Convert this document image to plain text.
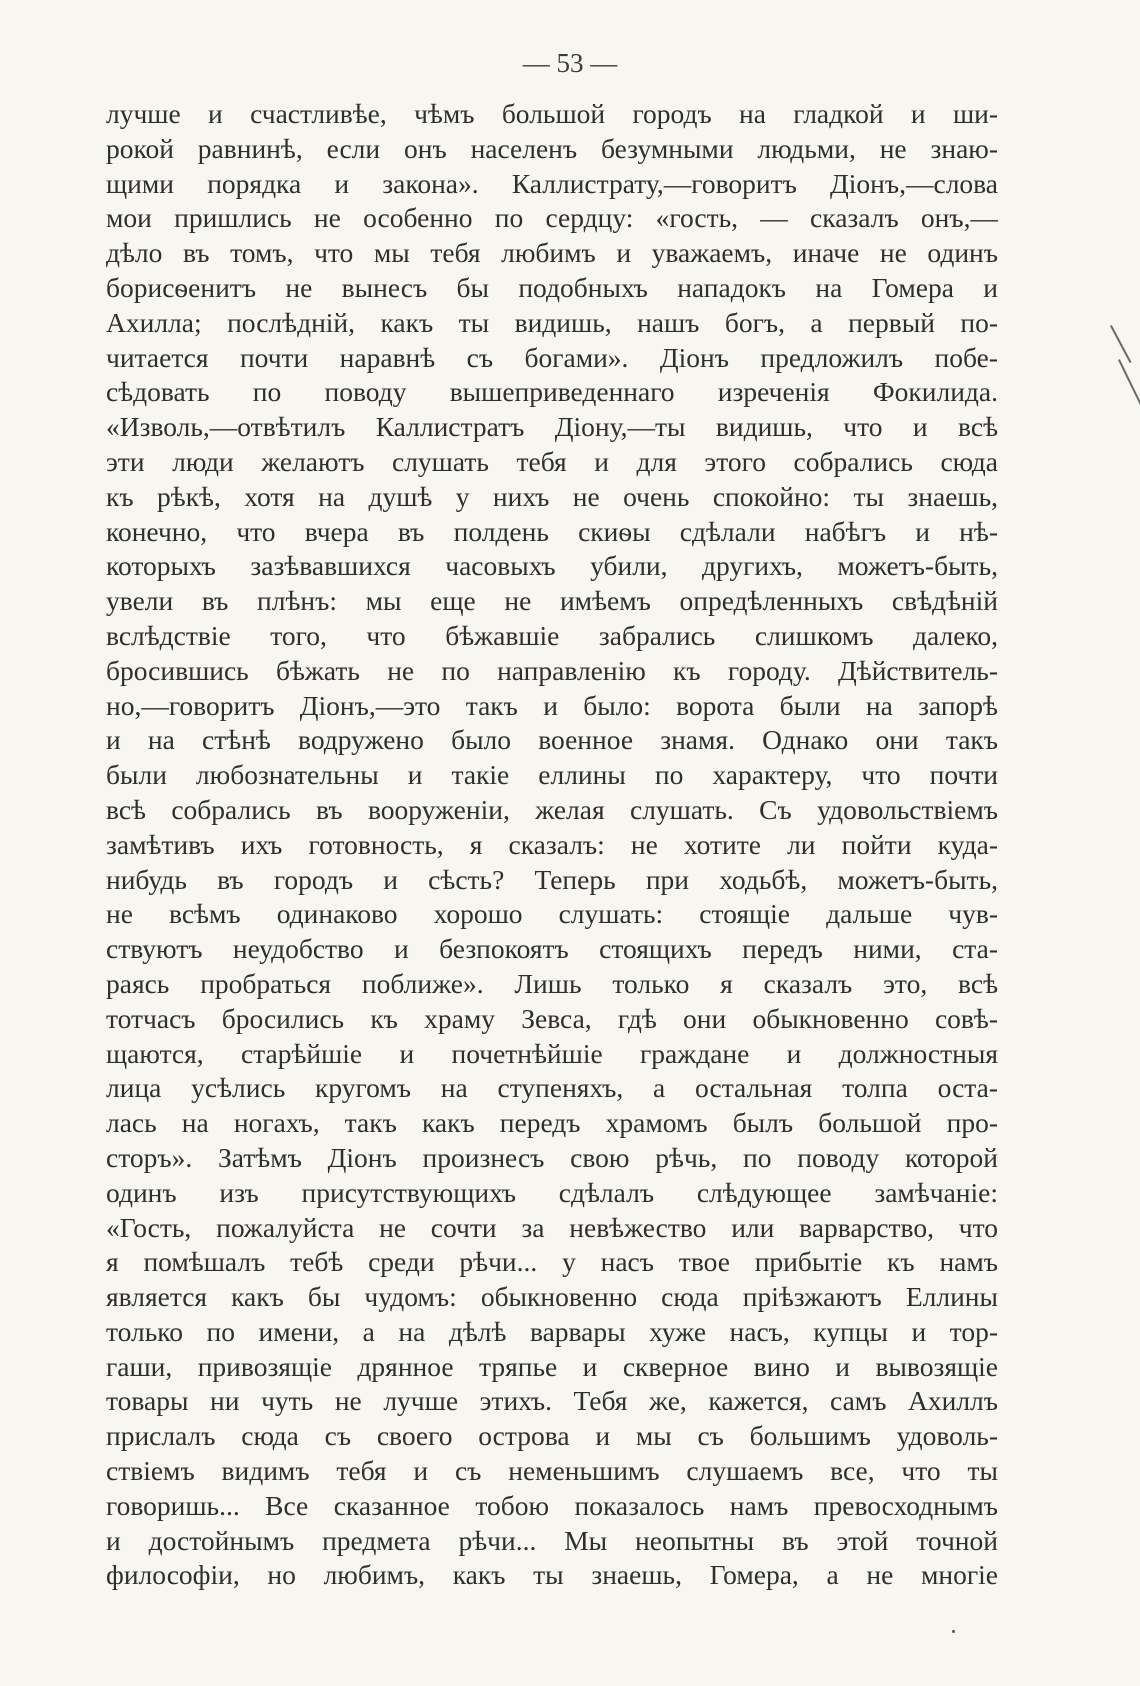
— 53 —
лучше и счастливѣе, чѣмъ большой городъ на гладкой и ши-
рокой равнинѣ, если онъ населенъ безумными людьми, не знаю-
щими порядка и закона». Каллистрату,—говоритъ Діонъ,—слова
мои пришлись не особенно по сердцу: «гость, — сказалъ онъ,—
дѣло въ томъ, что мы тебя любимъ и уважаемъ, иначе не одинъ
борисѳенитъ не вынесъ бы подобныхъ нападокъ на Гомера и
Ахилла; послѣдній, какъ ты видишь, нашъ богъ, а первый по-
читается почти наравнѣ съ богами». Діонъ предложилъ побе-
сѣдовать по поводу вышеприведеннаго изреченія Фокилида.
«Изволь,—отвѣтилъ Каллистратъ Діону,—ты видишь, что и всѣ
эти люди желаютъ слушать тебя и для этого собрались сюда
къ рѣкѣ, хотя на душѣ у нихъ не очень спокойно: ты знаешь,
конечно, что вчера въ полдень скиѳы сдѣлали набѣгъ и нѣ-
которыхъ зазѣвавшихся часовыхъ убили, другихъ, можетъ-быть,
увели въ плѣнъ: мы еще не имѣемъ опредѣленныхъ свѣдѣній
вслѣдствіе того, что бѣжавшіе забрались слишкомъ далеко,
бросившись бѣжать не по направленію къ городу. Дѣйствитель-
но,—говоритъ Діонъ,—это такъ и было: ворота были на запорѣ
и на стѣнѣ водружено было военное знамя. Однако они такъ
были любознательны и такіе еллины по характеру, что почти
всѣ собрались въ вооруженіи, желая слушать. Съ удовольствіемъ
замѣтивъ ихъ готовность, я сказалъ: не хотите ли пойти куда-
нибудь въ городъ и сѣсть? Теперь при ходьбѣ, можетъ-быть,
не всѣмъ одинаково хорошо слушать: стоящіе дальше чув-
ствуютъ неудобство и безпокоятъ стоящихъ передъ ними, ста-
раясь пробраться поближе». Лишь только я сказалъ это, всѣ
тотчасъ бросились къ храму Зевса, гдѣ они обыкновенно совѣ-
щаются, старѣйшіе и почетнѣйшіе граждане и должностныя
лица усѣлись кругомъ на ступеняхъ, а остальная толпа оста-
лась на ногахъ, такъ какъ передъ храмомъ былъ большой про-
сторъ». Затѣмъ Діонъ произнесъ свою рѣчь, по поводу которой
одинъ изъ присутствующихъ сдѣлалъ слѣдующее замѣчаніе:
«Гость, пожалуйста не сочти за невѣжество или варварство, что
я помѣшалъ тебѣ среди рѣчи... у насъ твое прибытіе къ намъ
является какъ бы чудомъ: обыкновенно сюда пріѣзжаютъ Еллины
только по имени, а на дѣлѣ варвары хуже насъ, купцы и тор-
гаши, привозящіе дрянное тряпье и скверное вино и вывозящіе
товары ни чуть не лучше этихъ. Тебя же, кажется, самъ Ахиллъ
прислалъ сюда съ своего острова и мы съ большимъ удоволь-
ствіемъ видимъ тебя и съ неменьшимъ слушаемъ все, что ты
говоришь... Все сказанное тобою показалось намъ превосходнымъ
и достойнымъ предмета рѣчи... Мы неопытны въ этой точной
философіи, но любимъ, какъ ты знаешь, Гомера, а не многіе
